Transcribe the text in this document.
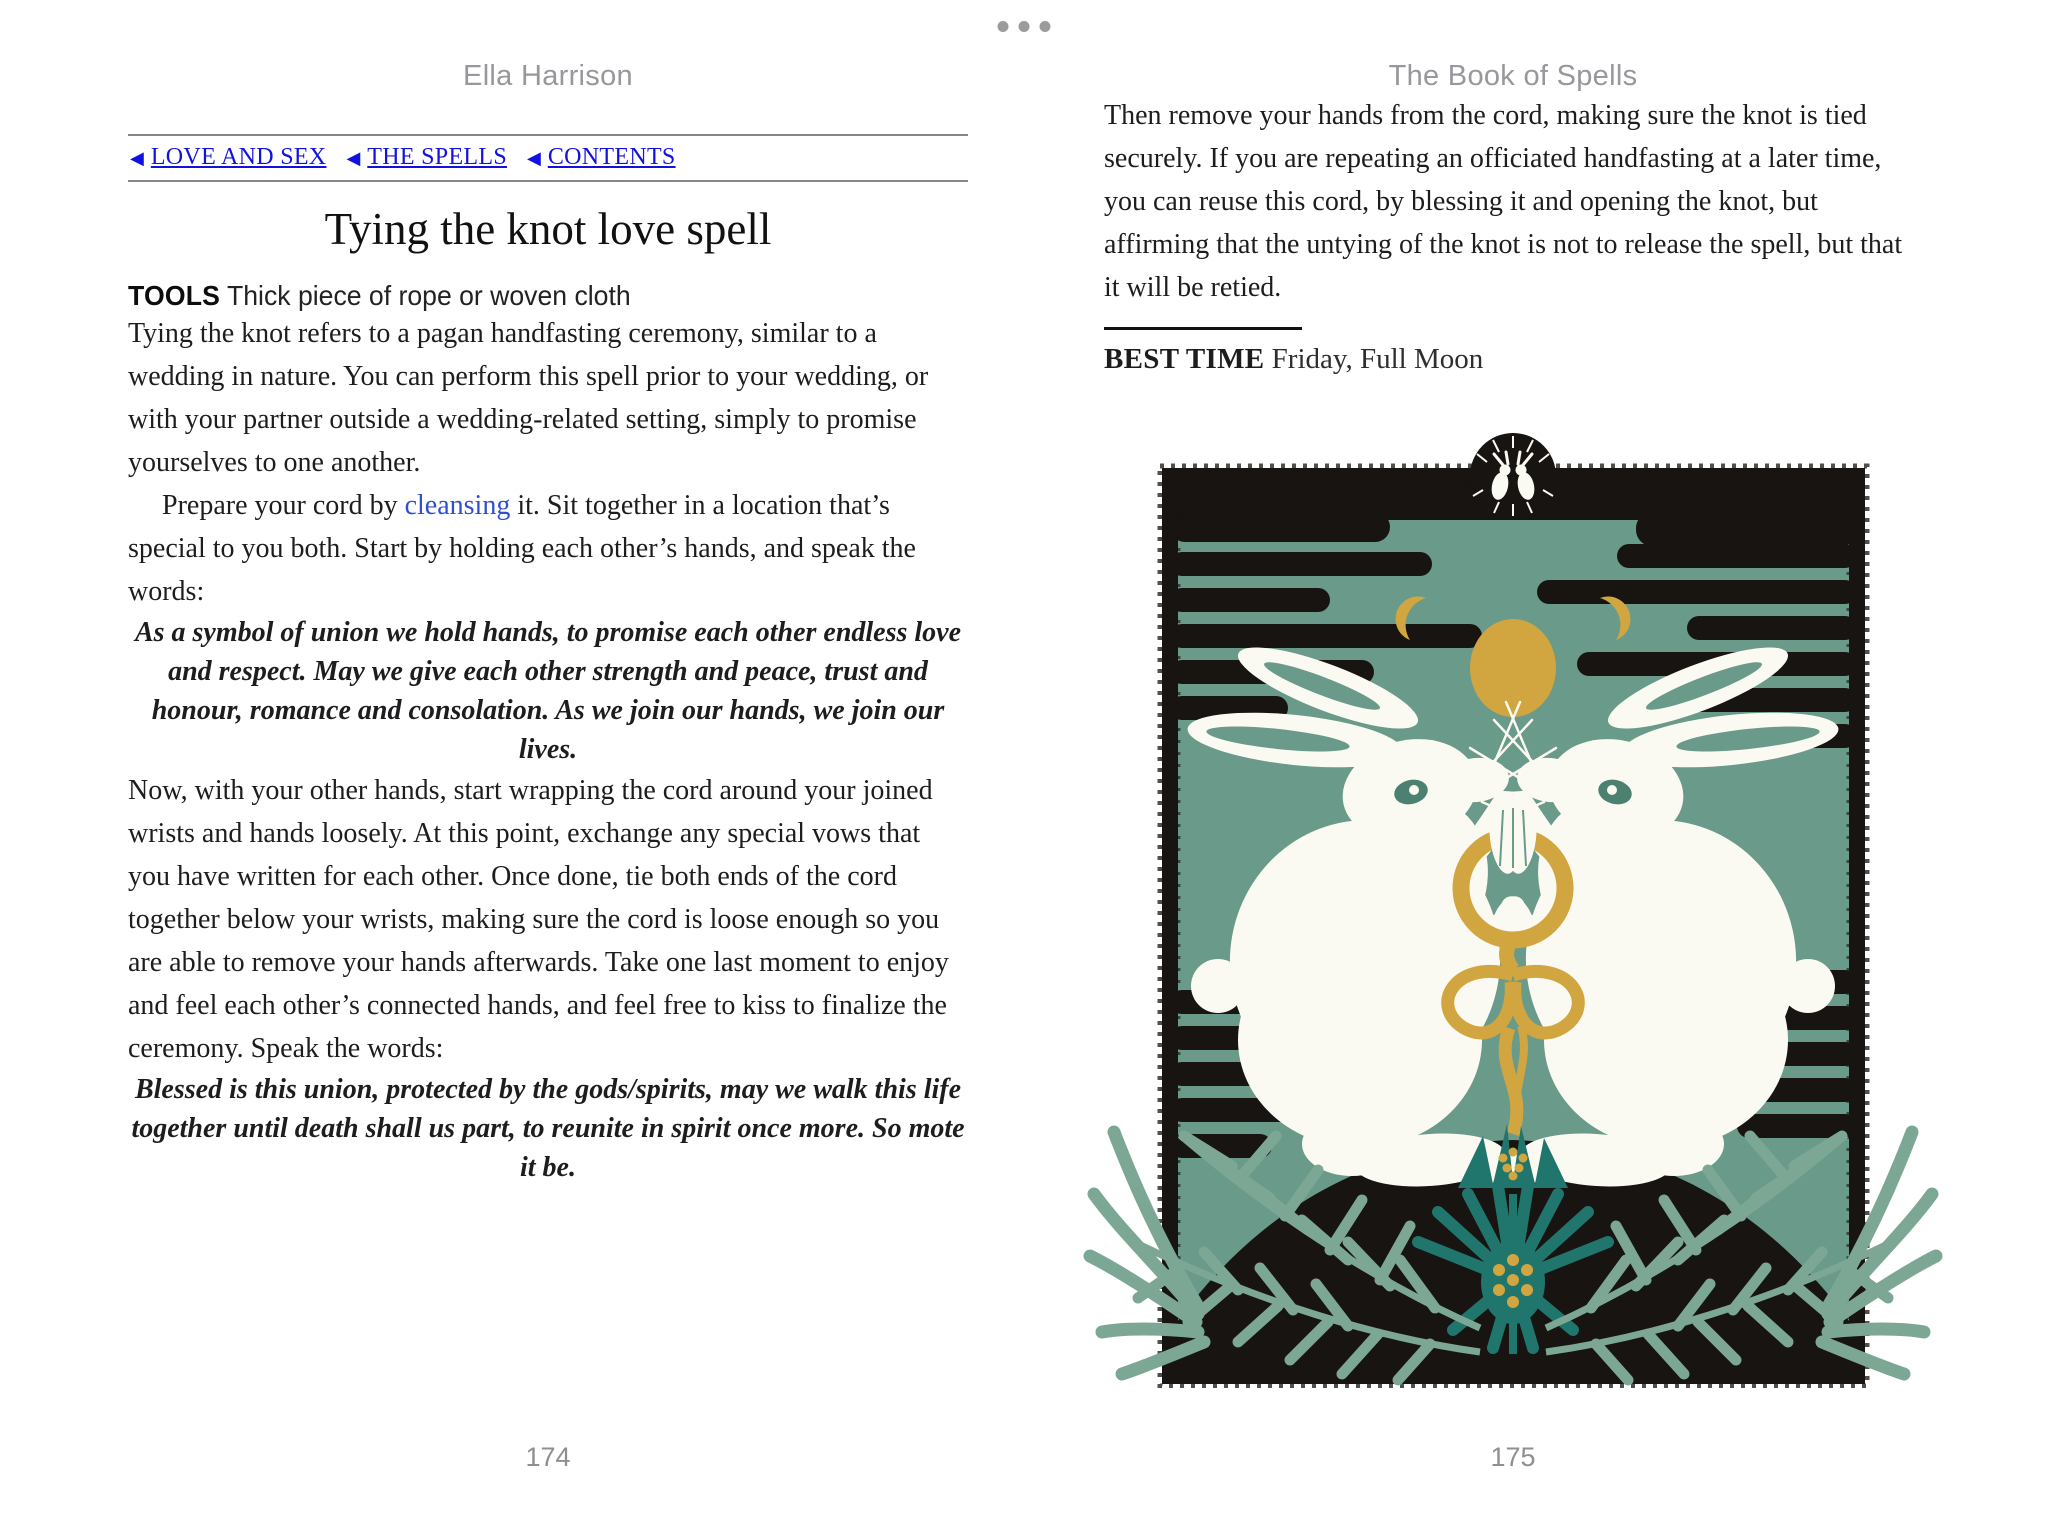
Ella Harrison
◀ LOVE AND SEX ◀ THE SPELLS ◀ CONTENTS
Tying the knot love spell
TOOLS Thick piece of rope or woven cloth

Tying the knot refers to a pagan handfasting ceremony, similar to a wedding in nature. You can perform this spell prior to your wedding, or with your partner outside a wedding-related setting, simply to promise yourselves to one another.

Prepare your cord by cleansing it. Sit together in a location that’s special to you both. Start by holding each other’s hands, and speak the words:

As a symbol of union we hold hands, to promise each other endless love and respect. May we give each other strength and peace, trust and honour, romance and consolation. As we join our hands, we join our lives.

Now, with your other hands, start wrapping the cord around your joined wrists and hands loosely. At this point, exchange any special vows that you have written for each other. Once done, tie both ends of the cord together below your wrists, making sure the cord is loose enough so you are able to remove your hands afterwards. Take one last moment to enjoy and feel each other’s connected hands, and feel free to kiss to finalize the ceremony. Speak the words:

Blessed is this union, protected by the gods/spirits, may we walk this life together until death shall us part, to reunite in spirit once more. So mote it be.

The Book of Spells

Then remove your hands from the cord, making sure the knot is tied securely. If you are repeating an officiated handfasting at a later time, you can reuse this cord, by blessing it and opening the knot, but affirming that the untying of the knot is not to release the spell, but that it will be retied.

BEST TIME Friday, Full Moon
174	175
